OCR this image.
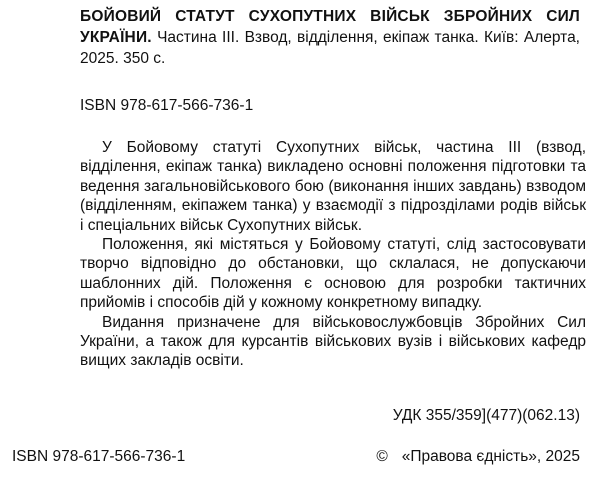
БОЙОВИЙ СТАТУТ СУХОПУТНИХ ВІЙСЬК ЗБРОЙНИХ СИЛ УКРАЇНИ. Частина III. Взвод, відділення, екіпаж танка. Київ: Алерта, 2025. 350 с.
ISBN 978-617-566-736-1

У Бойовому статуті Сухопутних військ, частина III (взвод, відділення, екіпаж танка) викладено основні положення підготовки та ведення загальновійськового бою (виконання інших завдань) взводом (відділенням, екіпажем танка) у взаємодії з підрозділами родів військ і спеціальних військ Сухопутних військ.

Положення, які містяться у Бойовому статуті, слід застосовувати творчо відповідно до обстановки, що склалася, не допускаючи шаблонних дій. Положення є основою для розробки тактичних прийомів і способів дій у кожному конкретному випадку.

Видання призначене для військовослужбовців Збройних Сил України, а також для курсантів військових вузів і військових кафедр вищих закладів освіти.

УДК 355/359](477)(062.13)
ISBN 978-617-566-736-1	© «Правова єдність», 2025
